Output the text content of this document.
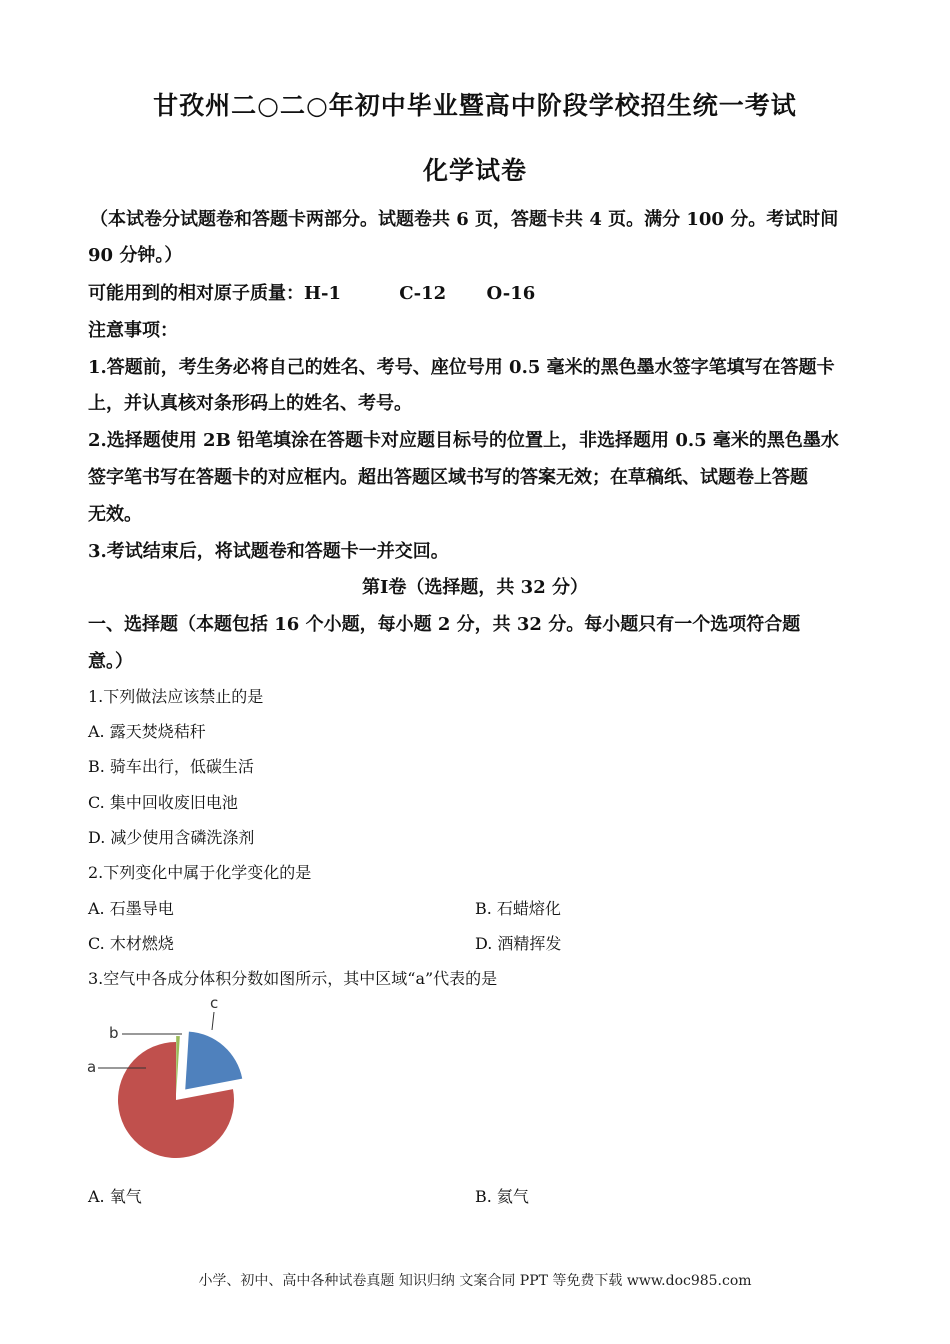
甘孜州二○二○年初中毕业暨高中阶段学校招生统一考试
化学试卷
（本试卷分试题卷和答题卡两部分。试题卷共 6 页，答题卡共 4 页。满分 100 分。考试时间
90 分钟。）
可能用到的相对原子质量：H-1	C-12 O-16
注意事项：
1.答题前，考生务必将自己的姓名、考号、座位号用 0.5 毫米的黑色墨水签字笔填写在答题卡
上，并认真核对条形码上的姓名、考号。
2.选择题使用 2B 铅笔填涂在答题卡对应题目标号的位置上，非选择题用 0.5 毫米的黑色墨水
签字笔书写在答题卡的对应框内。超出答题区域书写的答案无效；在草稿纸、试题卷上答题
无效。
3.考试结束后，将试题卷和答题卡一并交回。
第Ⅰ卷（选择题，共 32 分）
一、选择题（本题包括 16 个小题，每小题 2 分，共 32 分。每小题只有一个选项符合题
意。）
1.下列做法应该禁止的是
A. 露天焚烧秸秆
B. 骑车出行，低碳生活
C. 集中回收废旧电池
D. 减少使用含磷洗涤剂
2.下列变化中属于化学变化的是
A. 石墨导电	B. 石蜡熔化
C. 木材燃烧	D. 酒精挥发
3.空气中各成分体积分数如图所示，其中区域“a”代表的是
a
b
c
A. 氧气	B. 氦气
小学、初中、高中各种试卷真题 知识归纳 文案合同 PPT 等免费下载 www.doc985.com
